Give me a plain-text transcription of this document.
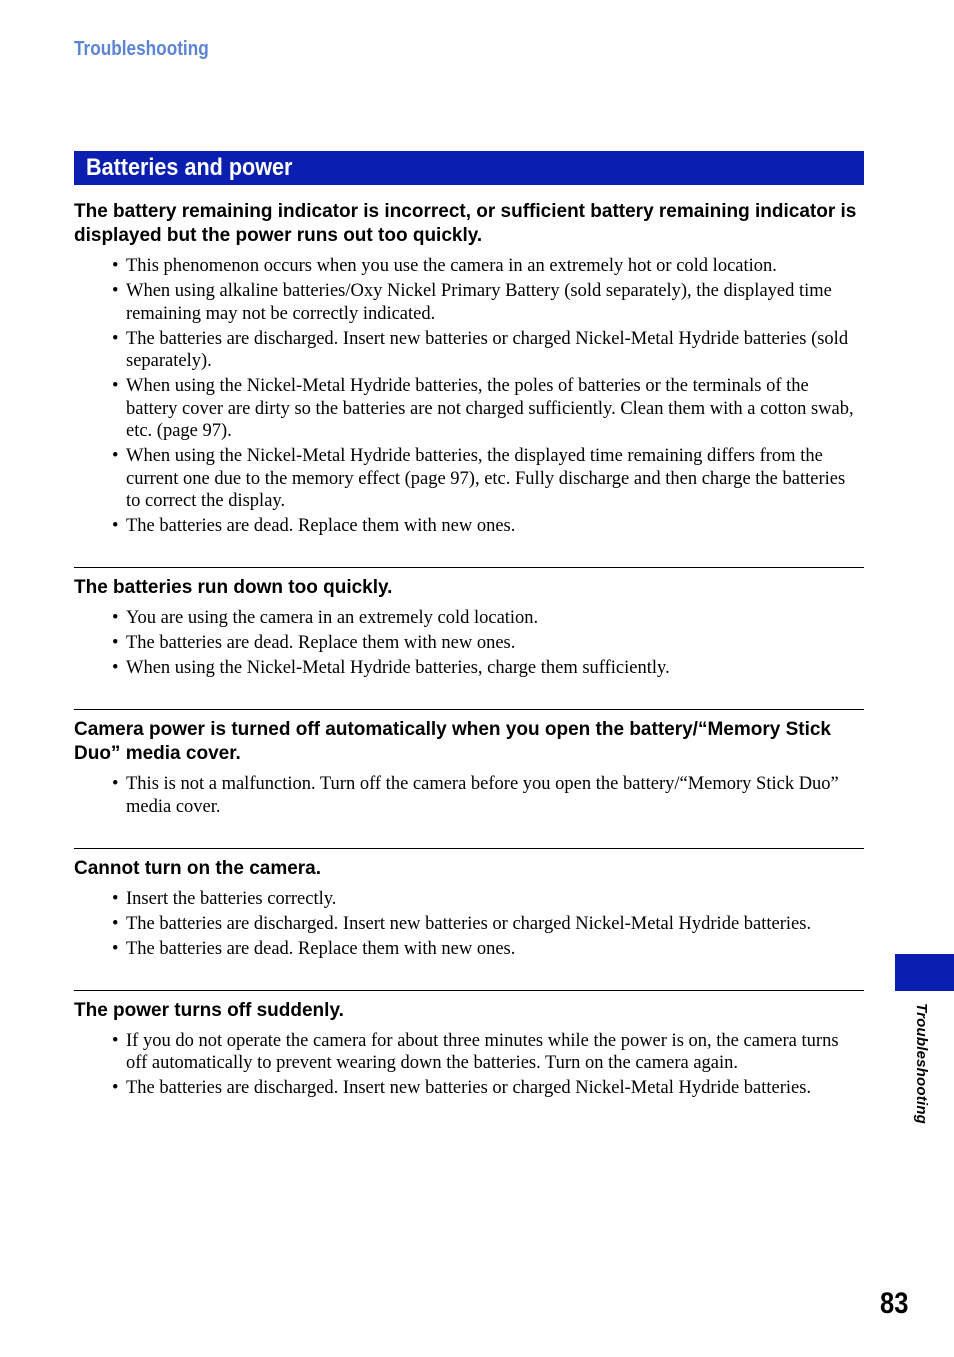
Troubleshooting
Batteries and power
The battery remaining indicator is incorrect, or sufficient battery remaining indicator is displayed but the power runs out too quickly.
• This phenomenon occurs when you use the camera in an extremely hot or cold location.
• When using alkaline batteries/Oxy Nickel Primary Battery (sold separately), the displayed time remaining may not be correctly indicated.
• The batteries are discharged. Insert new batteries or charged Nickel-Metal Hydride batteries (sold separately).
• When using the Nickel-Metal Hydride batteries, the poles of batteries or the terminals of the battery cover are dirty so the batteries are not charged sufficiently. Clean them with a cotton swab, etc. (page 97).
• When using the Nickel-Metal Hydride batteries, the displayed time remaining differs from the current one due to the memory effect (page 97), etc. Fully discharge and then charge the batteries to correct the display.
• The batteries are dead. Replace them with new ones.
The batteries run down too quickly.
• You are using the camera in an extremely cold location.
• The batteries are dead. Replace them with new ones.
• When using the Nickel-Metal Hydride batteries, charge them sufficiently.
Camera power is turned off automatically when you open the battery/“Memory Stick Duo” media cover.
• This is not a malfunction. Turn off the camera before you open the battery/“Memory Stick Duo” media cover.
Cannot turn on the camera.
• Insert the batteries correctly.
• The batteries are discharged. Insert new batteries or charged Nickel-Metal Hydride batteries.
• The batteries are dead. Replace them with new ones.
The power turns off suddenly.
• If you do not operate the camera for about three minutes while the power is on, the camera turns off automatically to prevent wearing down the batteries. Turn on the camera again.
• The batteries are discharged. Insert new batteries or charged Nickel-Metal Hydride batteries.	Troubleshooting
83
